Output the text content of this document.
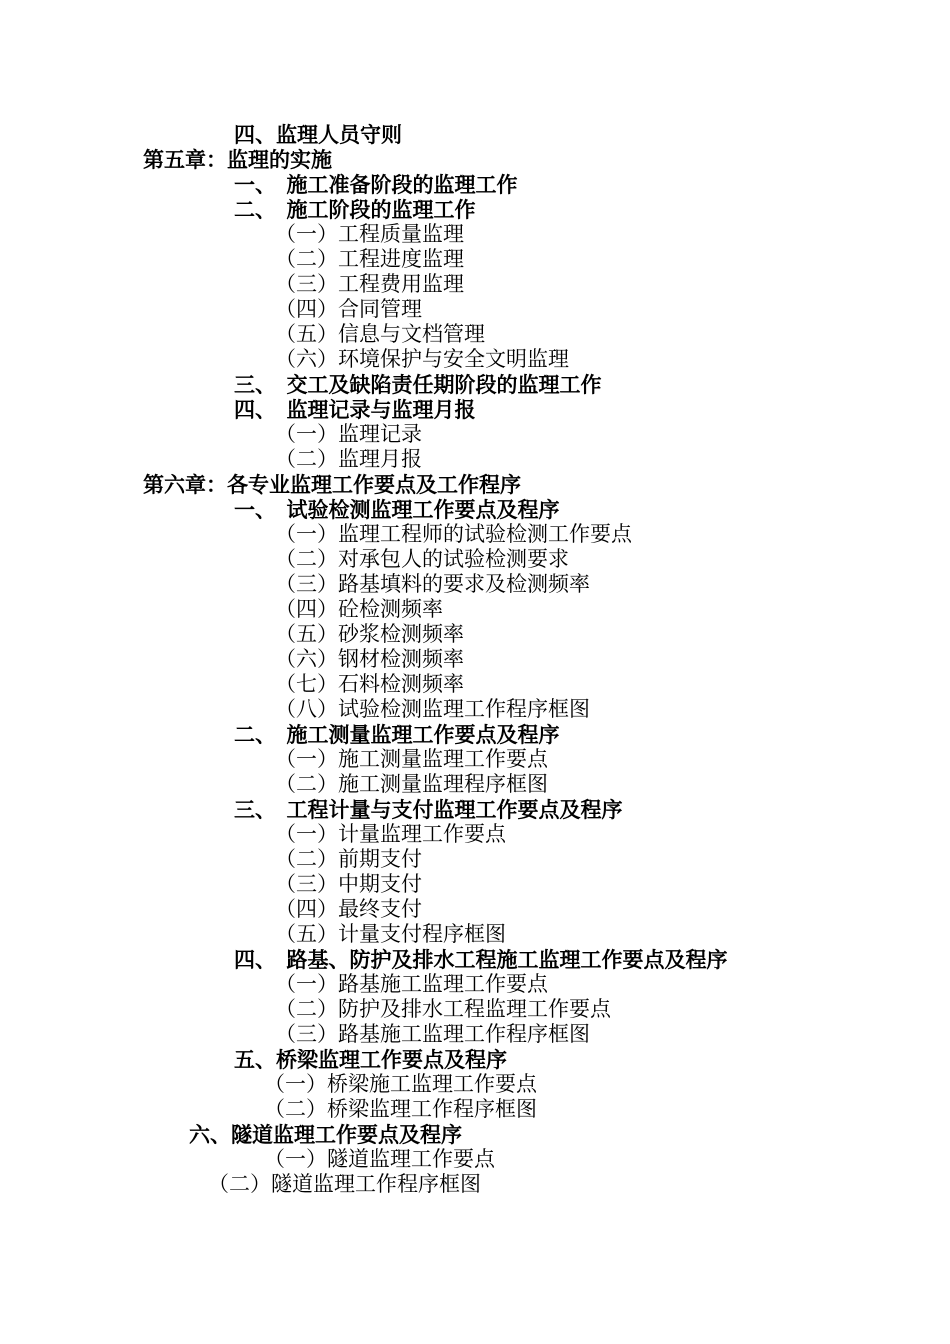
四、监理人员守则
第五章：监理的实施
一、　施工准备阶段的监理工作
二、　施工阶段的监理工作
（一）工程质量监理
（二）工程进度监理
（三）工程费用监理
（四）合同管理
（五）信息与文档管理
（六）环境保护与安全文明监理
三、　交工及缺陷责任期阶段的监理工作
四、　监理记录与监理月报
（一）监理记录
（二）监理月报
第六章：各专业监理工作要点及工作程序
一、　试验检测监理工作要点及程序
（一）监理工程师的试验检测工作要点
（二）对承包人的试验检测要求
（三）路基填料的要求及检测频率
（四）砼检测频率
（五）砂浆检测频率
（六）钢材检测频率
（七）石料检测频率
（八）试验检测监理工作程序框图
二、　施工测量监理工作要点及程序
（一）施工测量监理工作要点
（二）施工测量监理程序框图
三、　工程计量与支付监理工作要点及程序
（一）计量监理工作要点
（二）前期支付
（三）中期支付
（四）最终支付
（五）计量支付程序框图
四、　路基、防护及排水工程施工监理工作要点及程序
（一）路基施工监理工作要点
（二）防护及排水工程监理工作要点
（三）路基施工监理工作程序框图
五、桥梁监理工作要点及程序
（一）桥梁施工监理工作要点
（二）桥梁监理工作程序框图
六、隧道监理工作要点及程序
（一）隧道监理工作要点
（二）隧道监理工作程序框图
